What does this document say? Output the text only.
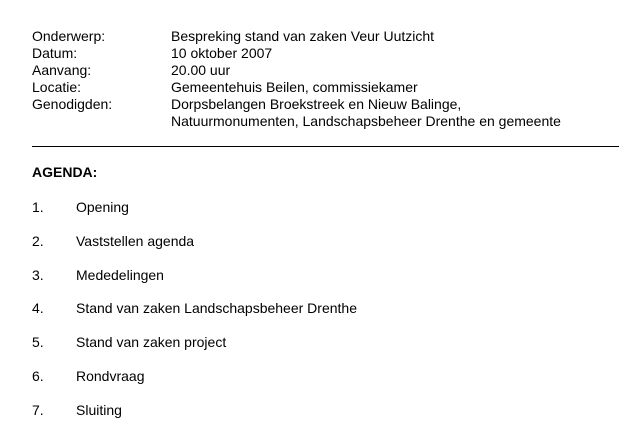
Onderwerp:	Bespreking stand van zaken Veur Uutzicht
Datum:	10 oktober 2007
Aanvang:	20.00 uur
Locatie:	Gemeentehuis Beilen, commissiekamer
Genodigden:	Dorpsbelangen Broekstreek en Nieuw Balinge,
Natuurmonumenten, Landschapsbeheer Drenthe en gemeente
AGENDA:
1.	Opening
2.	Vaststellen agenda
3.	Mededelingen
4.	Stand van zaken Landschapsbeheer Drenthe
5.	Stand van zaken project
6.	Rondvraag
7.	Sluiting
